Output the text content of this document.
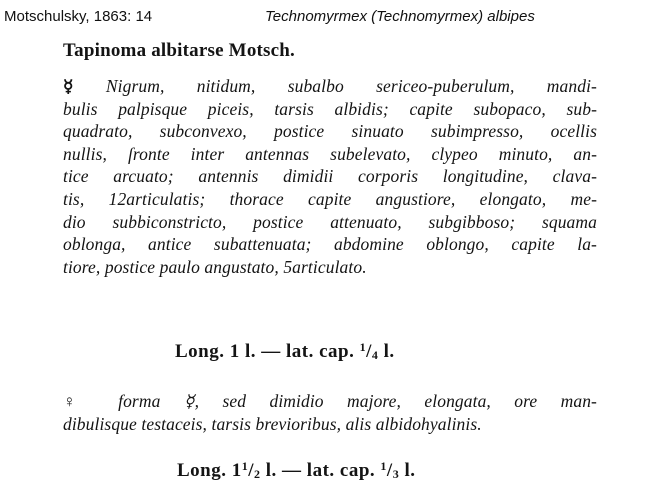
Motschulsky, 1863: 14	Technomyrmex (Technomyrmex) albipes
Tapinoma albitarse Motsch.
☿ Nigrum, nitidum, subalbo sericeo-puberulum, mandi-
bulis palpisque piceis, tarsis albidis; capite subopaco, sub-
quadrato, subconvexo, postice sinuato subimpresso, ocellis
nullis, ſronte inter antennas subelevato, clypeo minuto, an-
tice arcuato; antennis dimidii corporis longitudine, clava-
tis, 12articulatis; thorace capite angustiore, elongato, me-
dio subbiconstricto, postice attenuato, subgibboso; squama
oblonga, antice subattenuata; abdomine oblongo, capite la-
tiore, postice paulo angustato, 5articulato.
Long. 1 l. — lat. cap. $^1$/4 l.
♀ forma ☿, sed dimidio majore, elongata, ore man-
dibulisque testaceis, tarsis brevioribus, alis albidohyalinis.
Long. $1^1/2$ l. — lat. cap. $^1$/3 l.
